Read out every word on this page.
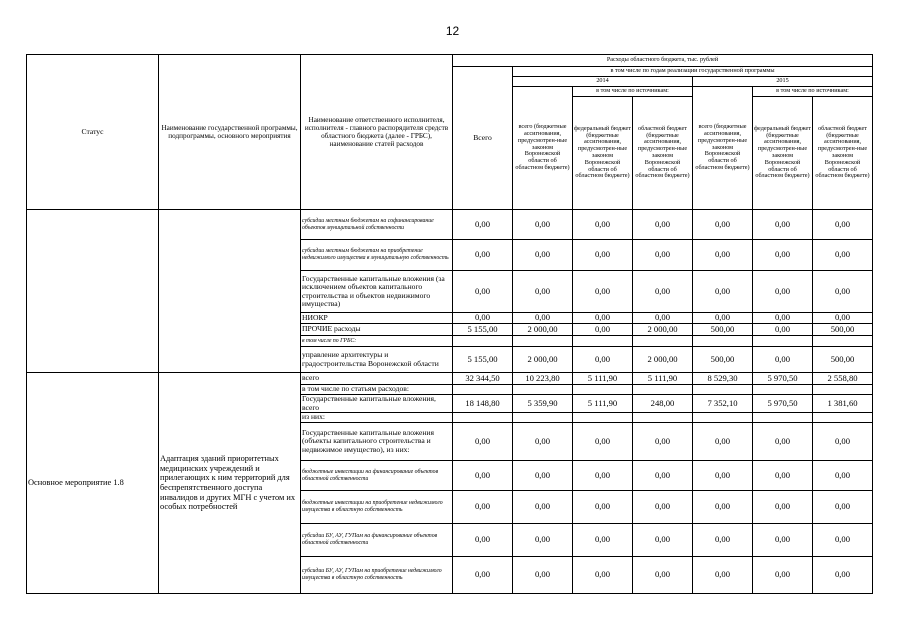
12
Статус	Наименование государственной программы, подпрограммы, основного мероприятия	Наименование ответственного исполнителя, исполнителя - главного распорядителя средств областного бюджета (далее - ГРБС), наименование статей расходов	Расходы областного бюджета, тыс. рублей						
			Всего	в том числе по годам реализации государственной программы					
				2014			2015		
				всего (бюджетные ассигнования, предусмотрен-ные законом Воронежской области об областном бюджете)	в том числе по источникам:		всего (бюджетные ассигнования, предусмотрен-ные законом Воронежской области об областном бюджете)	в том числе по источникам:	
					федеральный бюджет (бюджетные ассигнования, предусмотрен-ные законом Воронежской области об областном бюджете)	областной бюджет (бюджетные ассигнования, предусмотрен-ные законом Воронежской области об областном бюджете)		федеральный бюджет (бюджетные ассигнования, предусмотрен-ные законом Воронежской области об областном бюджете)	областной бюджет (бюджетные ассигнования, предусмотрен-ные законом Воронежской области об областном бюджете)
		субсидии местным бюджетам на софинансирование объектов муниципальной собственности	0,00	0,00	0,00	0,00	0,00	0,00	0,00
		субсидии местным бюджетам на приобретение недвижимого имущества в муниципальную собственность	0,00	0,00	0,00	0,00	0,00	0,00	0,00
		Государственные капитальные вложения (за исключением объектов капитального строительства и объектов недвижимого имущества)	0,00	0,00	0,00	0,00	0,00	0,00	0,00
		НИОКР	0,00	0,00	0,00	0,00	0,00	0,00	0,00
		ПРОЧИЕ расходы	5 155,00	2 000,00	0,00	2 000,00	500,00	0,00	500,00
		в том числе по ГРБС:							
		управление архитектуры и градостроительства Воронежской области	5 155,00	2 000,00	0,00	2 000,00	500,00	0,00	500,00
Основное мероприятие 1.8	Адаптация зданий приоритетных медицинских учреждений и прилегающих к ним территорий для беспрепятственного доступа инвалидов и других МГН с учетом их особых потребностей	всего	32 344,50	10 223,80	5 111,90	5 111,90	8 529,30	5 970,50	2 558,80
		в том числе по статьям расходов:							
		Государственные капитальные вложения, всего	18 148,80	5 359,90	5 111,90	248,00	7 352,10	5 970,50	1 381,60
		из них:							
		Государственные капитальные вложения (объекты капитального строительства и недвижимое имущество), из них:	0,00	0,00	0,00	0,00	0,00	0,00	0,00
		бюджетные инвестиции на финансирование объектов областной собственности	0,00	0,00	0,00	0,00	0,00	0,00	0,00
		бюджетные инвестиции на приобретение недвижимого имущества в областную собственность	0,00	0,00	0,00	0,00	0,00	0,00	0,00
		субсидии БУ, АУ, ГУПам на финансирование объектов областной собственности	0,00	0,00	0,00	0,00	0,00	0,00	0,00
		субсидии БУ, АУ, ГУПам на приобретение недвижимого имущества в областную собственность	0,00	0,00	0,00	0,00	0,00	0,00	0,00
